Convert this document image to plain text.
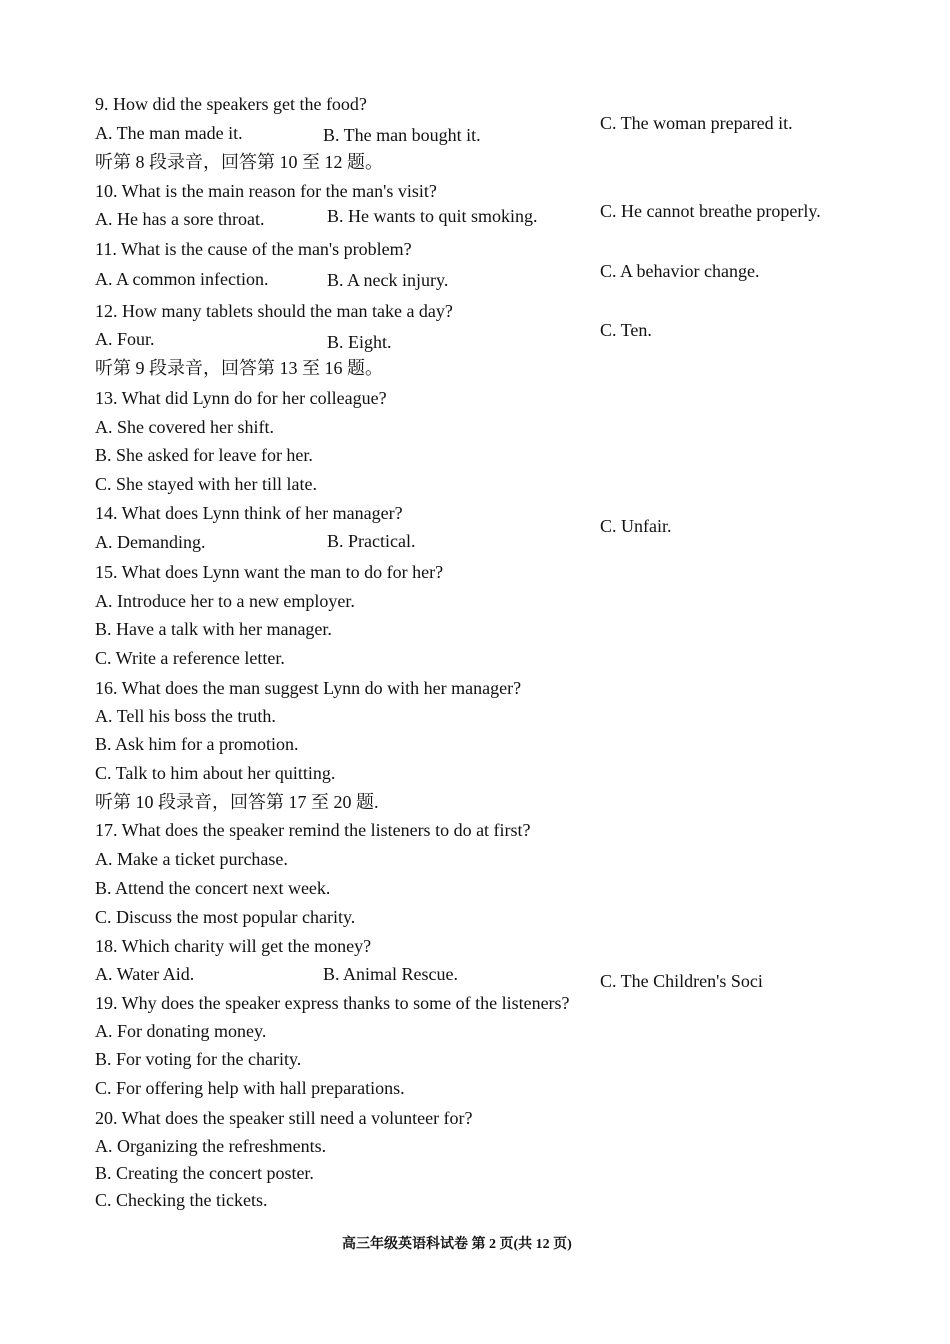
9. How did the speakers get the food?
A. The man made it.	B. The man bought it.
C. The woman prepared it.
听第 8 段录音，回答第 10 至 12 题。
10. What is the main reason for the man's visit?
A. He has a sore throat.	B. He wants to quit smoking.	C. He cannot breathe properly.
11. What is the cause of the man's problem?
A. A common infection.	B. A neck injury.	C. A behavior change.
12. How many tablets should the man take a day?
A. Four.	B. Eight.
C. Ten.
听第 9 段录音，回答第 13 至 16 题。
13. What did Lynn do for her colleague?
A. She covered her shift.
B. She asked for leave for her.
C. She stayed with her till late.
14. What does Lynn think of her manager?
A. Demanding.	B. Practical.
C. Unfair.
15. What does Lynn want the man to do for her?
A. Introduce her to a new employer.
B. Have a talk with her manager.
C. Write a reference letter.
16. What does the man suggest Lynn do with her manager?
A. Tell his boss the truth.
B. Ask him for a promotion.
C. Talk to him about her quitting.
听第 10 段录音，回答第 17 至 20 题.
17. What does the speaker remind the listeners to do at first?
A. Make a ticket purchase.
B. Attend the concert next week.
C. Discuss the most popular charity.
18. Which charity will get the money?
A. Water Aid.	B. Animal Rescue.	C. The Children's Soci
19. Why does the speaker express thanks to some of the listeners?
A. For donating money.
B. For voting for the charity.
C. For offering help with hall preparations.
20. What does the speaker still need a volunteer for?
A. Organizing the refreshments.
B. Creating the concert poster.
C. Checking the tickets.
高三年级英语科试卷 第 2 页(共 12 页)
